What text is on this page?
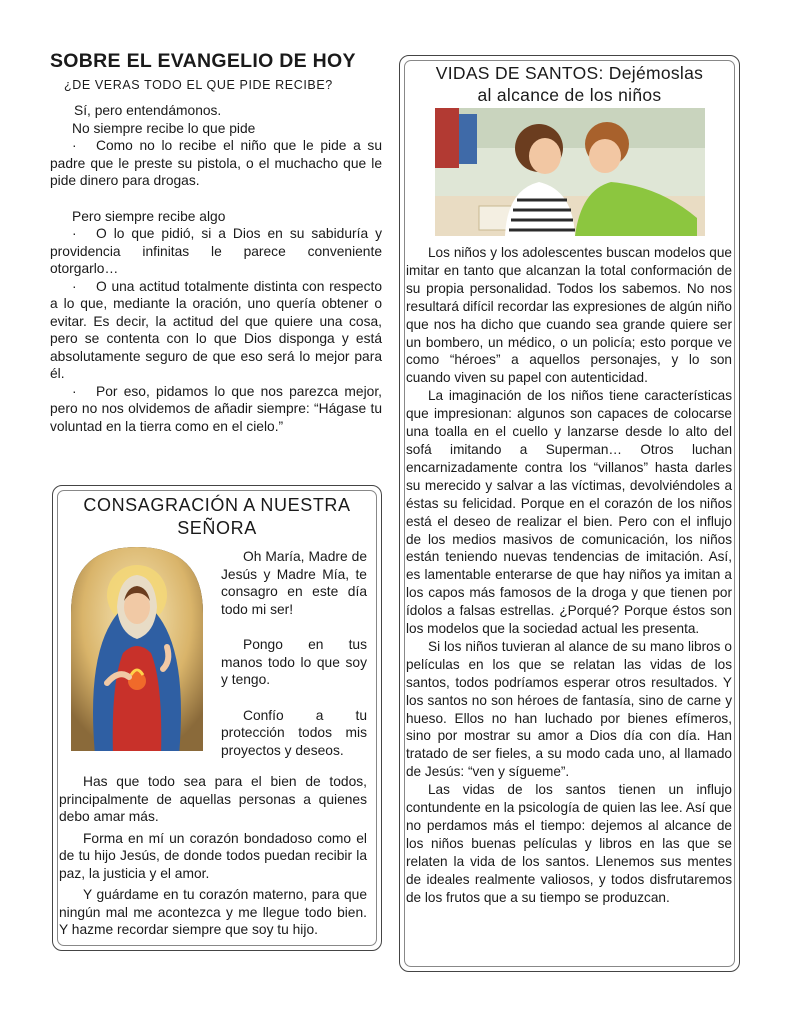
SOBRE EL EVANGELIO DE HOY
¿DE VERAS TODO EL QUE PIDE RECIBE?

Sí, pero entendámonos.

No siempre recibe lo que pide

· Como no lo recibe el niño que le pide a su padre que le preste su pistola, o el muchacho que le pide dinero para drogas.

Pero siempre recibe algo

· O lo que pidió, si a Dios en su sabiduría y providencia infinitas le parece conveniente otorgarlo…

· O una actitud totalmente distinta con respecto a lo que, mediante la oración, uno quería obtener o evitar. Es decir, la actitud del que quiere una cosa, pero se contenta con lo que Dios disponga y está absolutamente seguro de que eso será lo mejor para él.

· Por eso, pidamos lo que nos parezca mejor, pero no nos olvidemos de añadir siempre: “Hágase tu voluntad en la tierra como en el cielo.”

CONSAGRACIÓN A NUESTRA
SEÑORA

Oh María, Madre de Jesús y Madre Mía, te consagro en este día todo mi ser!

Pongo en tus manos todo lo que soy y tengo.

Confío a tu protección todos mis proyectos y deseos.

Has que todo sea para el bien de todos, principalmente de aquellas personas a quienes debo amar más.

Forma en mí un corazón bondadoso como el de tu hijo Jesús, de donde todos puedan recibir la paz, la justicia y el amor.

Y guárdame en tu corazón materno, para que ningún mal me acontezca y me llegue todo bien. Y hazme recordar siempre que soy tu hijo.

VIDAS DE SANTOS: Dejémoslas
al alcance de los niños

Los niños y los adolescentes buscan modelos que imitar en tanto que alcanzan la total conformación de su propia personalidad. Todos los sabemos. No nos resultará difícil recordar las expresiones de algún niño que nos ha dicho que cuando sea grande quiere ser un bombero, un médico, o un policía; esto porque ve como “héroes” a aquellos personajes, y lo son cuando viven su papel con autenticidad.

La imaginación de los niños tiene características que impresionan: algunos son capaces de colocarse una toalla en el cuello y lanzarse desde lo alto del sofá imitando a Superman… Otros luchan encarnizadamente contra los “villanos” hasta darles su merecido y salvar a las víctimas, devolviéndoles a éstas su felicidad. Porque en el corazón de los niños está el deseo de realizar el bien. Pero con el influjo de los medios masivos de comunicación, los niños están teniendo nuevas tendencias de imitación. Así, es lamentable enterarse de que hay niños ya imitan a los capos más famosos de la droga y que tienen por ídolos a falsas estrellas. ¿Porqué? Porque éstos son los modelos que la sociedad actual les presenta.

Si los niños tuvieran al alance de su mano libros o películas en los que se relatan las vidas de los santos, todos podríamos esperar otros resultados. Y los santos no son héroes de fantasía, sino de carne y hueso. Ellos no han luchado por bienes efímeros, sino por mostrar su amor a Dios día con día. Han tratado de ser fieles, a su modo cada uno, al llamado de Jesús: “ven y sígueme”.

Las vidas de los santos tienen un influjo contundente en la psicología de quien las lee. Así que no perdamos más el tiempo: dejemos al alcance de los niños buenas películas y libros en las que se relaten la vida de los santos. Llenemos sus mentes de ideales realmente valiosos, y todos disfrutaremos de los frutos que a su tiempo se produzcan.
